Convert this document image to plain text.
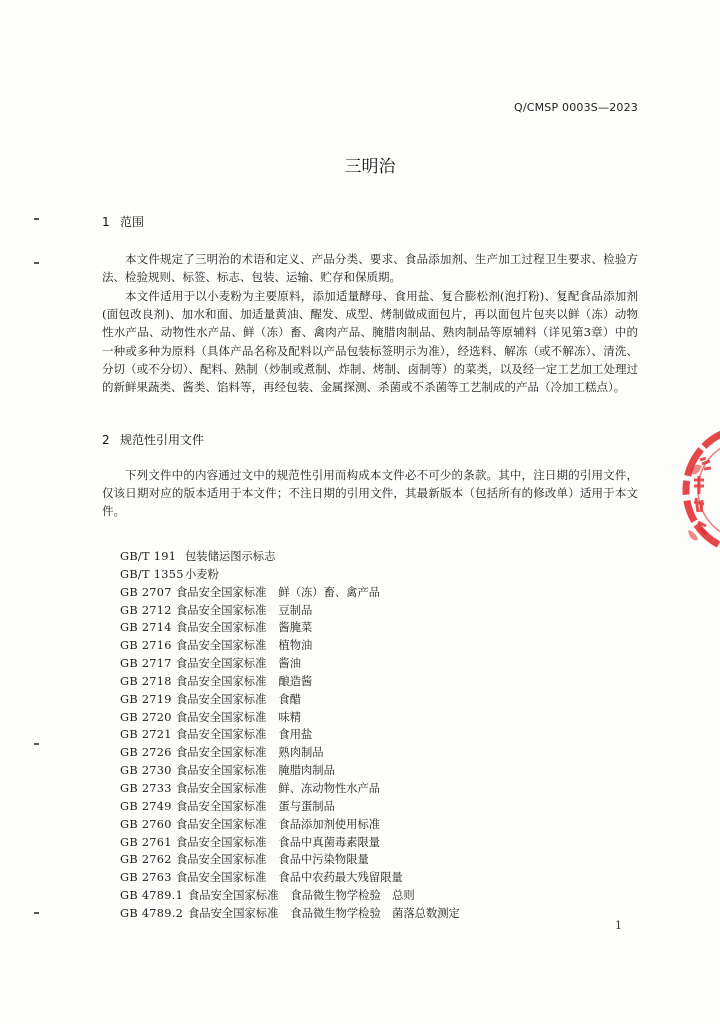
Q/CMSP 0003S—2023
三明治
1 范围

本文件规定了三明治的术语和定义、产品分类、要求、食品添加剂、生产加工过程卫生要求、检验方法、检验规则、标签、标志、包装、运输、贮存和保质期。

本文件适用于以小麦粉为主要原料，添加适量酵母、食用盐、复合膨松剂(泡打粉)、复配食品添加剂(面包改良剂)、加水和面、加适量黄油、醒发、成型、烤制做成面包片，再以面包片包夹以鲜（冻）动物性水产品、动物性水产品、鲜（冻）畜、禽肉产品、腌腊肉制品、熟肉制品等原辅料（详见第3章）中的一种或多种为原料（具体产品名称及配料以产品包装标签明示为准），经选料、解冻（或不解冻）、清洗、分切（或不分切）、配料、熟制（炒制或煮制、炸制、烤制、卤制等）的菜类，以及经一定工艺加工处理过的新鲜果蔬类、酱类、馅料等，再经包装、金属探测、杀菌或不杀菌等工艺制成的产品（冷加工糕点）。

2 规范性引用文件

下列文件中的内容通过文中的规范性引用而构成本文件必不可少的条款。其中，注日期的引用文件，仅该日期对应的版本适用于本文件；不注日期的引用文件，其最新版本（包括所有的修改单）适用于本文件。

GB/T 191 包装储运图示标志
GB/T 1355小麦粉
GB 2707 食品安全国家标准 鲜（冻）畜、禽产品
GB 2712 食品安全国家标准 豆制品
GB 2714 食品安全国家标准 酱腌菜
GB 2716 食品安全国家标准 植物油
GB 2717 食品安全国家标准 酱油
GB 2718 食品安全国家标准 酿造酱
GB 2719 食品安全国家标准 食醋
GB 2720 食品安全国家标准 味精
GB 2721 食品安全国家标准 食用盐
GB 2726 食品安全国家标准 熟肉制品
GB 2730 食品安全国家标准 腌腊肉制品
GB 2733 食品安全国家标准 鲜、冻动物性水产品
GB 2749 食品安全国家标准 蛋与蛋制品
GB 2760 食品安全国家标准 食品添加剂使用标准
GB 2761 食品安全国家标准 食品中真菌毒素限量
GB 2762 食品安全国家标准 食品中污染物限量
GB 2763 食品安全国家标准 食品中农药最大残留限量
GB 4789.1 食品安全国家标准 食品微生物学检验　总则
GB 4789.2 食品安全国家标准 食品微生物学检验　菌落总数测定
1
